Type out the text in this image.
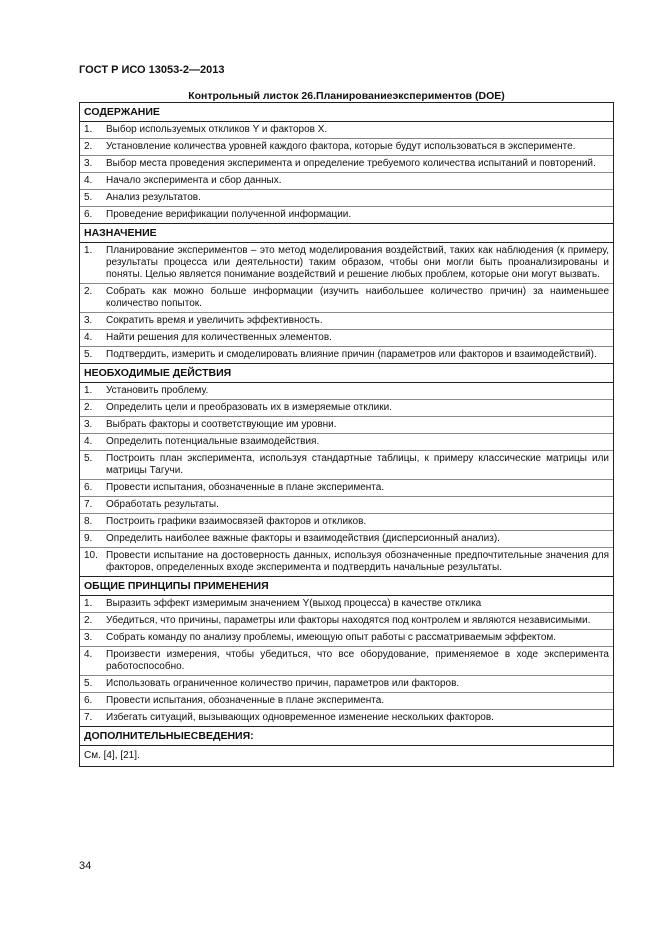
ГОСТ Р ИСО 13053-2—2013
Контрольный листок 26.Планированиеэкспериментов (DOE)
СОДЕРЖАНИЕ
1.	Выбор используемых откликов Y и факторов X.
2.	Установление количества уровней каждого фактора, которые будут использоваться в эксперименте.
3.	Выбор места проведения эксперимента и определение требуемого количества испытаний и повторений.
4.	Начало эксперимента и сбор данных.
5.	Анализ результатов.
6.	Проведение верификации полученной информации.
НАЗНАЧЕНИЕ
1.	Планирование экспериментов – это метод моделирования воздействий, таких как наблюдения (к примеру, результаты процесса или деятельности) таким образом, чтобы они могли быть проанализированы и поняты. Целью является понимание воздействий и решение любых проблем, которые они могут вызвать.
2.	Собрать как можно больше информации (изучить наибольшее количество причин) за наименьшее количество попыток.
3.	Сократить время и увеличить эффективность.
4.	Найти решения для количественных элементов.
5.	Подтвердить, измерить и смоделировать влияние причин (параметров или факторов и взаимодействий).
НЕОБХОДИМЫЕ ДЕЙСТВИЯ
1.	Установить проблему.
2.	Определить цели и преобразовать их в измеряемые отклики.
3.	Выбрать факторы и соответствующие им уровни.
4.	Определить потенциальные взаимодействия.
5.	Построить план эксперимента, используя стандартные таблицы, к примеру классические матрицы или матрицы Тагучи.
6.	Провести испытания, обозначенные в плане эксперимента.
7.	Обработать результаты.
8.	Построить графики взаимосвязей факторов и откликов.
9.	Определить наиболее важные факторы и взаимодействия (дисперсионный анализ).
10. Провести испытание на достоверность данных, используя обозначенные предпочтительные значения для факторов, определенных входе эксперимента и подтвердить начальные результаты.
ОБЩИЕ ПРИНЦИПЫ ПРИМЕНЕНИЯ
1.	Выразить эффект измеримым значением Y(выход процесса) в качестве отклика
2.	Убедиться, что причины, параметры или факторы находятся под контролем и являются независимыми.
3.	Собрать команду по анализу проблемы, имеющую опыт работы с рассматриваемым эффектом.
4.	Произвести измерения, чтобы убедиться, что все оборудование, применяемое в ходе эксперимента работоспособно.
5.	Использовать ограниченное количество причин, параметров или факторов.
6.	Провести испытания, обозначенные в плане эксперимента.
7.	Избегать ситуаций, вызывающих одновременное изменение нескольких факторов.
ДОПОЛНИТЕЛЬНЫЕСВЕДЕНИЯ:
См. [4], [21].
34
